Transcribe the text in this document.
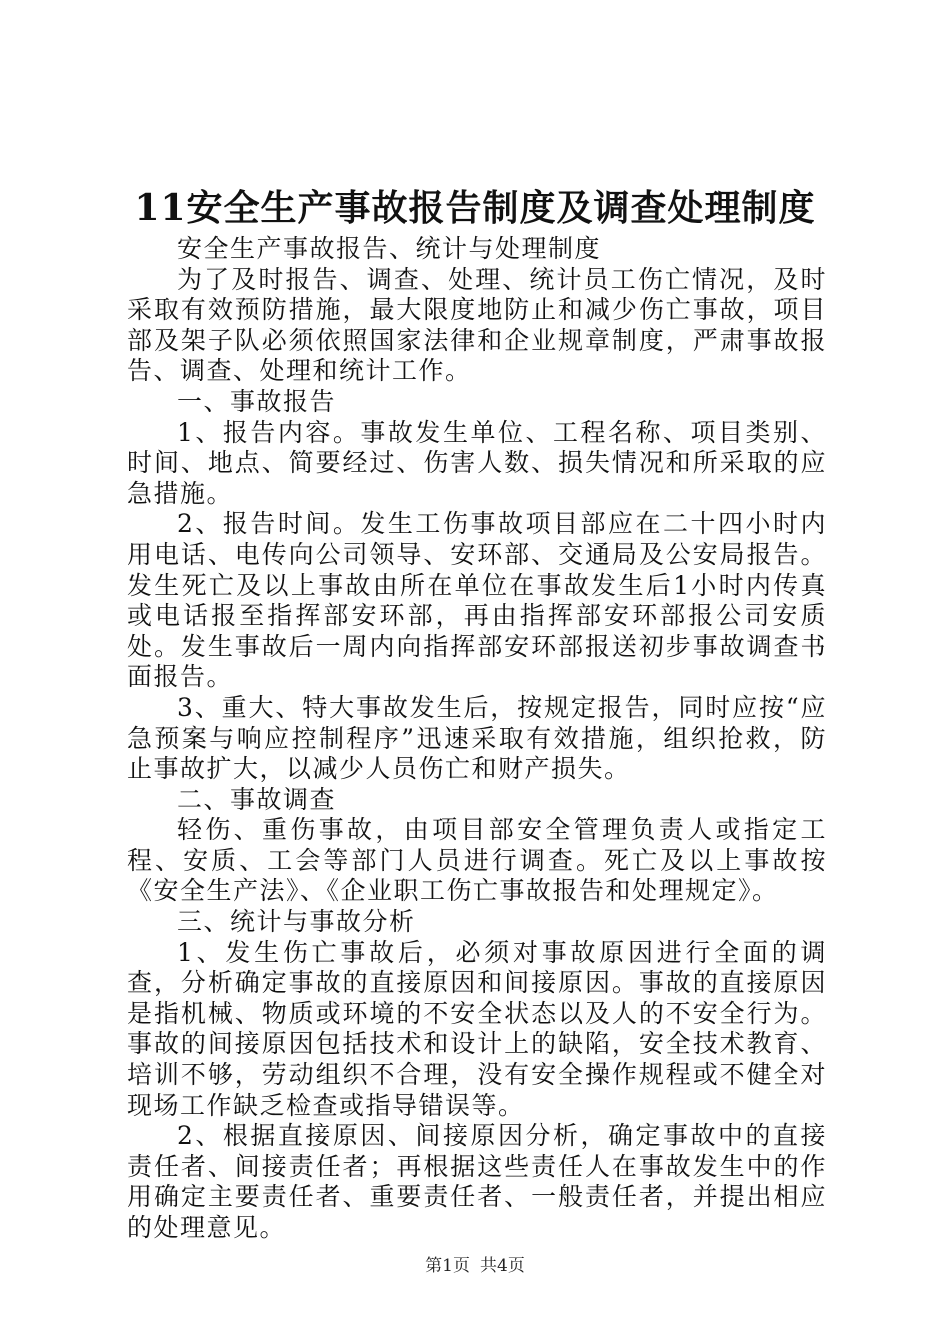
11安全生产事故报告制度及调查处理制度

安全生产事故报告、统计与处理制度

为了及时报告、调查、处理、统计员工伤亡情况，及时采取有效预防措施，最大限度地防止和减少伤亡事故，项目部及架子队必须依照国家法律和企业规章制度，严肃事故报告、调查、处理和统计工作。

一、事故报告

1、报告内容。事故发生单位、工程名称、项目类别、时间、地点、简要经过、伤害人数、损失情况和所采取的应急措施。

2、报告时间。发生工伤事故项目部应在二十四小时内用电话、电传向公司领导、安环部、交通局及公安局报告。发生死亡及以上事故由所在单位在事故发生后1小时内传真或电话报至指挥部安环部，再由指挥部安环部报公司安质处。发生事故后一周内向指挥部安环部报送初步事故调查书面报告。

3、重大、特大事故发生后，按规定报告，同时应按“应急预案与响应控制程序”迅速采取有效措施，组织抢救，防止事故扩大，以减少人员伤亡和财产损失。

二、事故调查

轻伤、重伤事故，由项目部安全管理负责人或指定工程、安质、工会等部门人员进行调查。死亡及以上事故按《安全生产法》、《企业职工伤亡事故报告和处理规定》。

三、统计与事故分析

1、发生伤亡事故后，必须对事故原因进行全面的调查，分析确定事故的直接原因和间接原因。事故的直接原因是指机械、物质或环境的不安全状态以及人的不安全行为。事故的间接原因包括技术和设计上的缺陷，安全技术教育、培训不够，劳动组织不合理，没有安全操作规程或不健全对现场工作缺乏检查或指导错误等。

2、根据直接原因、间接原因分析，确定事故中的直接责任者、间接责任者；再根据这些责任人在事故发生中的作用确定主要责任者、重要责任者、一般责任者，并提出相应的处理意见。

第1页 共4页
